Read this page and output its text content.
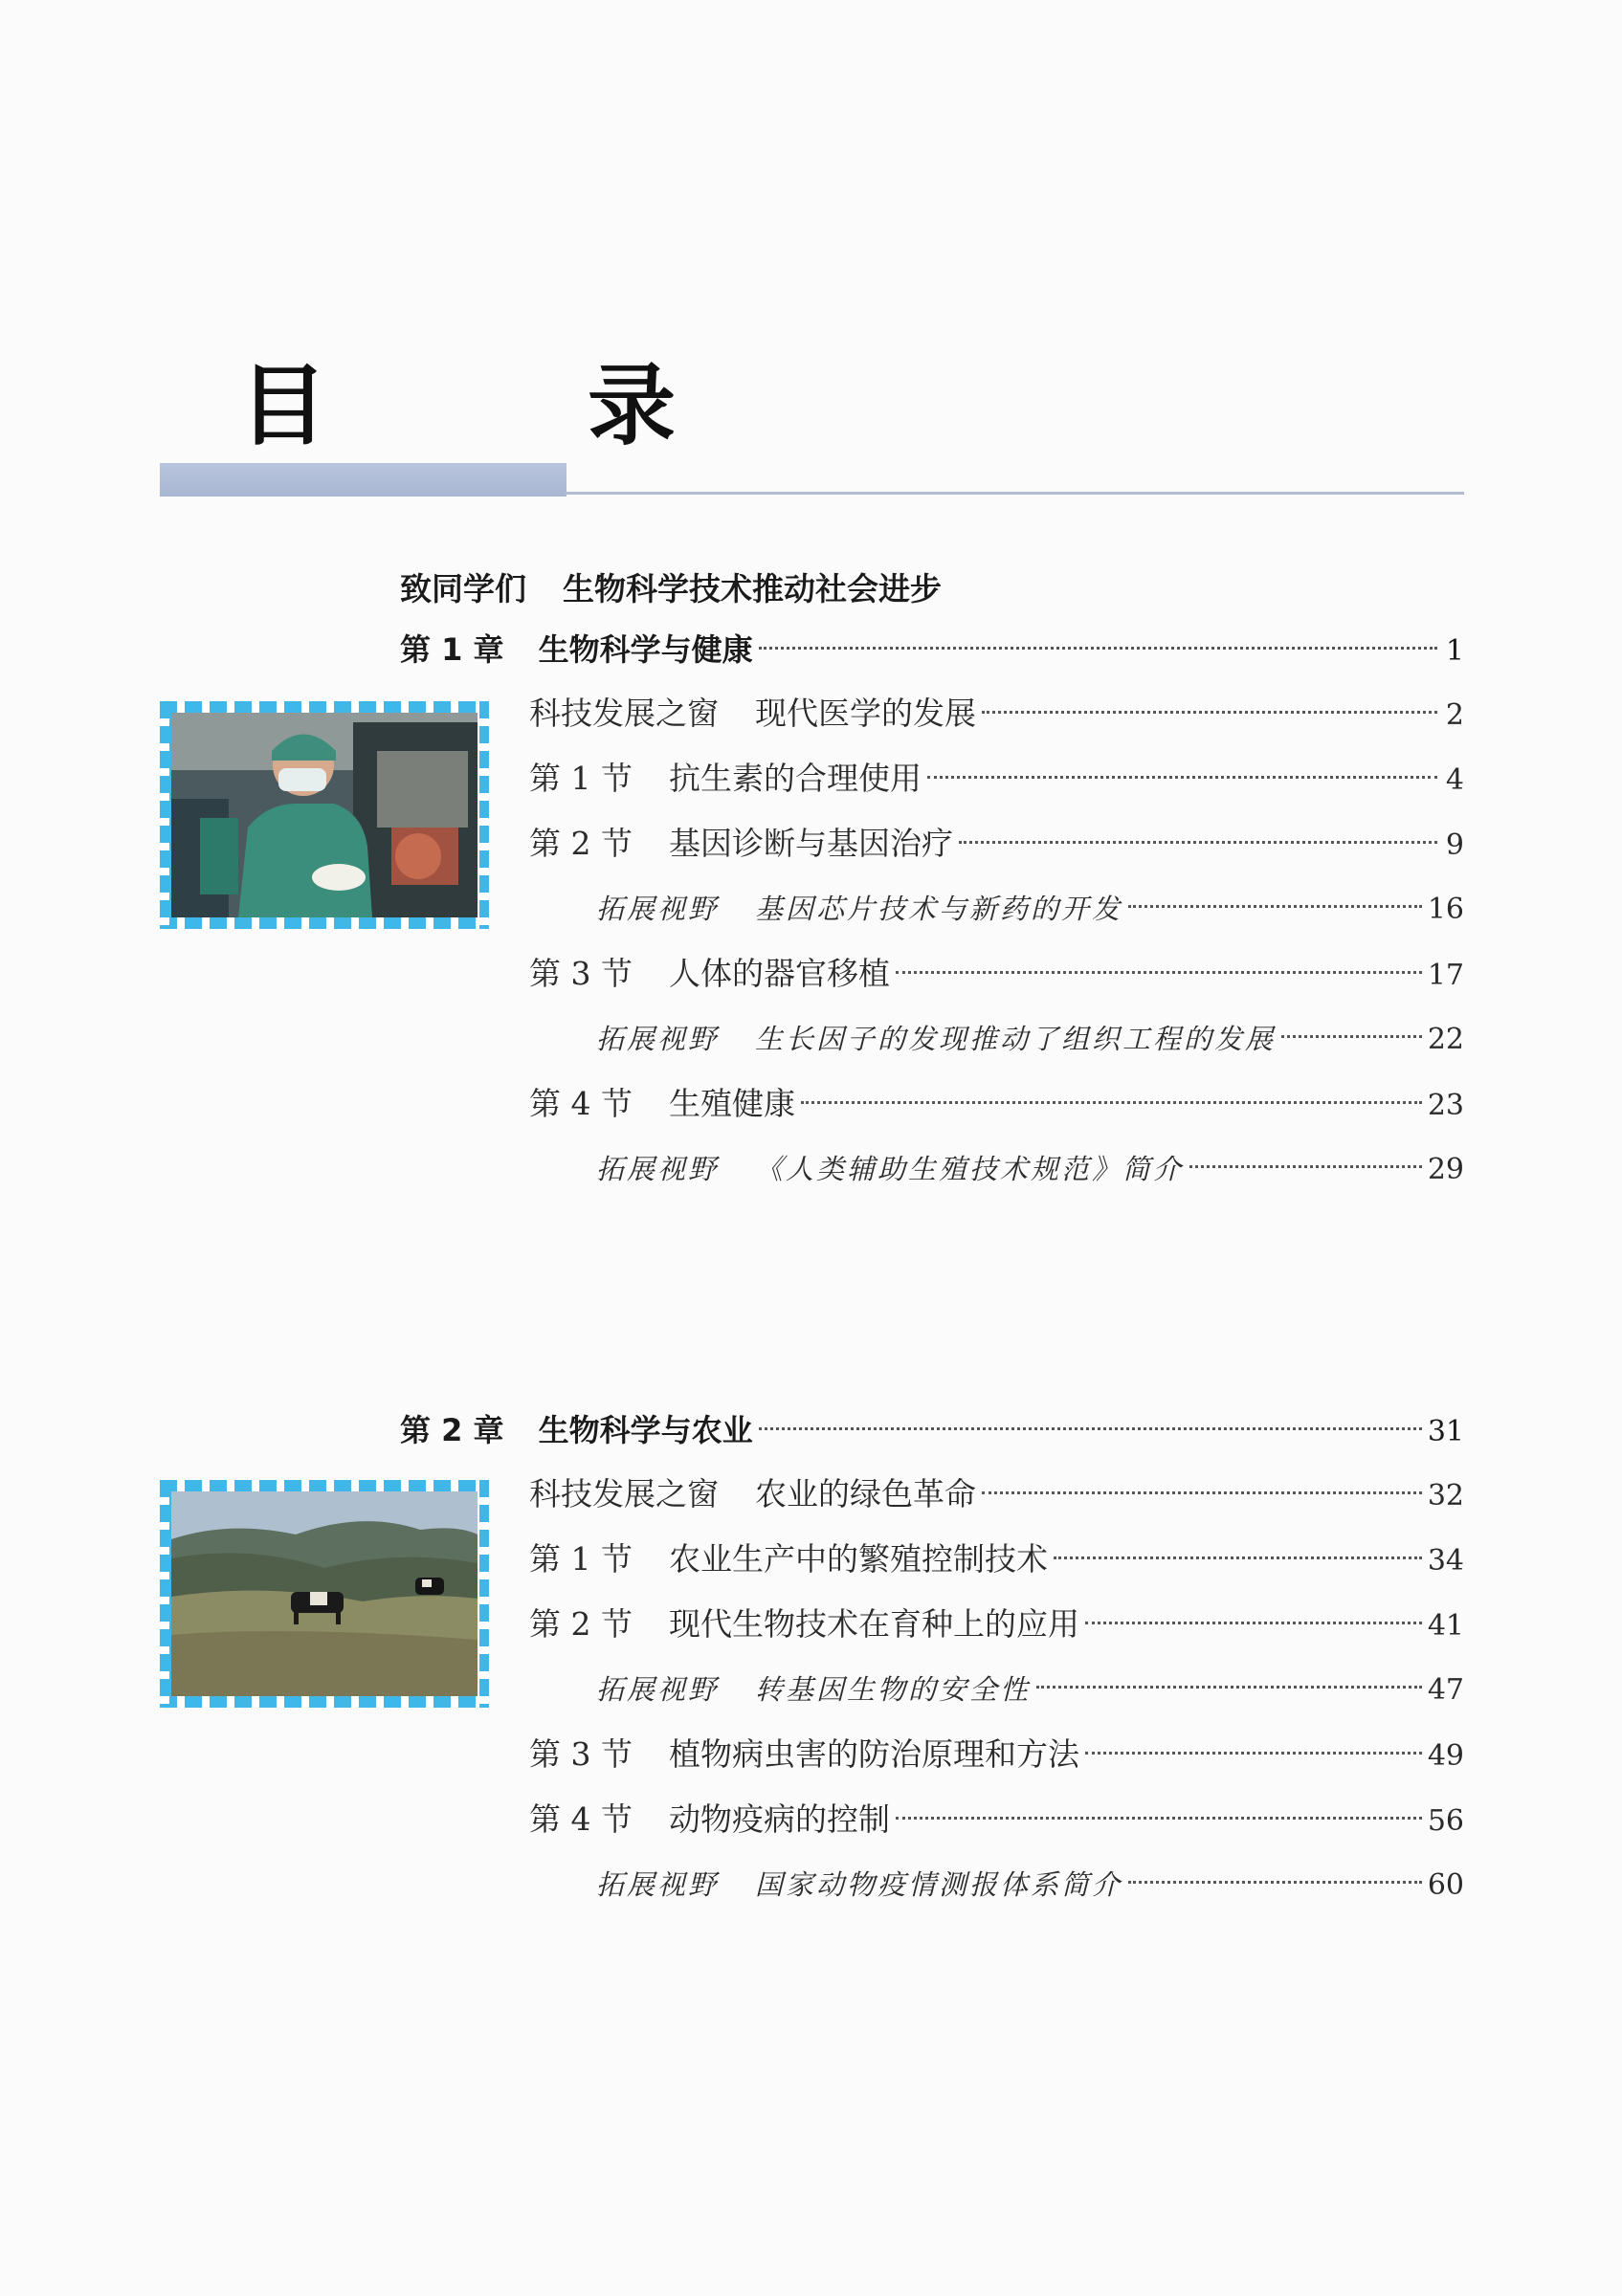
目　录
致同学们 生物科学技术推动社会进步
第 1 章 生物科学与健康	1
科技发展之窗 现代医学的发展	2
第 1 节 抗生素的合理使用	4
第 2 节 基因诊断与基因治疗	9
拓展视野 基因芯片技术与新药的开发	16
第 3 节 人体的器官移植	17
拓展视野 生长因子的发现推动了组织工程的发展	22
第 4 节 生殖健康	23
拓展视野 《人类辅助生殖技术规范》简介	29
第 2 章 生物科学与农业	31
科技发展之窗 农业的绿色革命	32
第 1 节 农业生产中的繁殖控制技术	34
第 2 节 现代生物技术在育种上的应用	41
拓展视野 转基因生物的安全性	47
第 3 节 植物病虫害的防治原理和方法	49
第 4 节 动物疫病的控制	56
拓展视野 国家动物疫情测报体系简介	60
